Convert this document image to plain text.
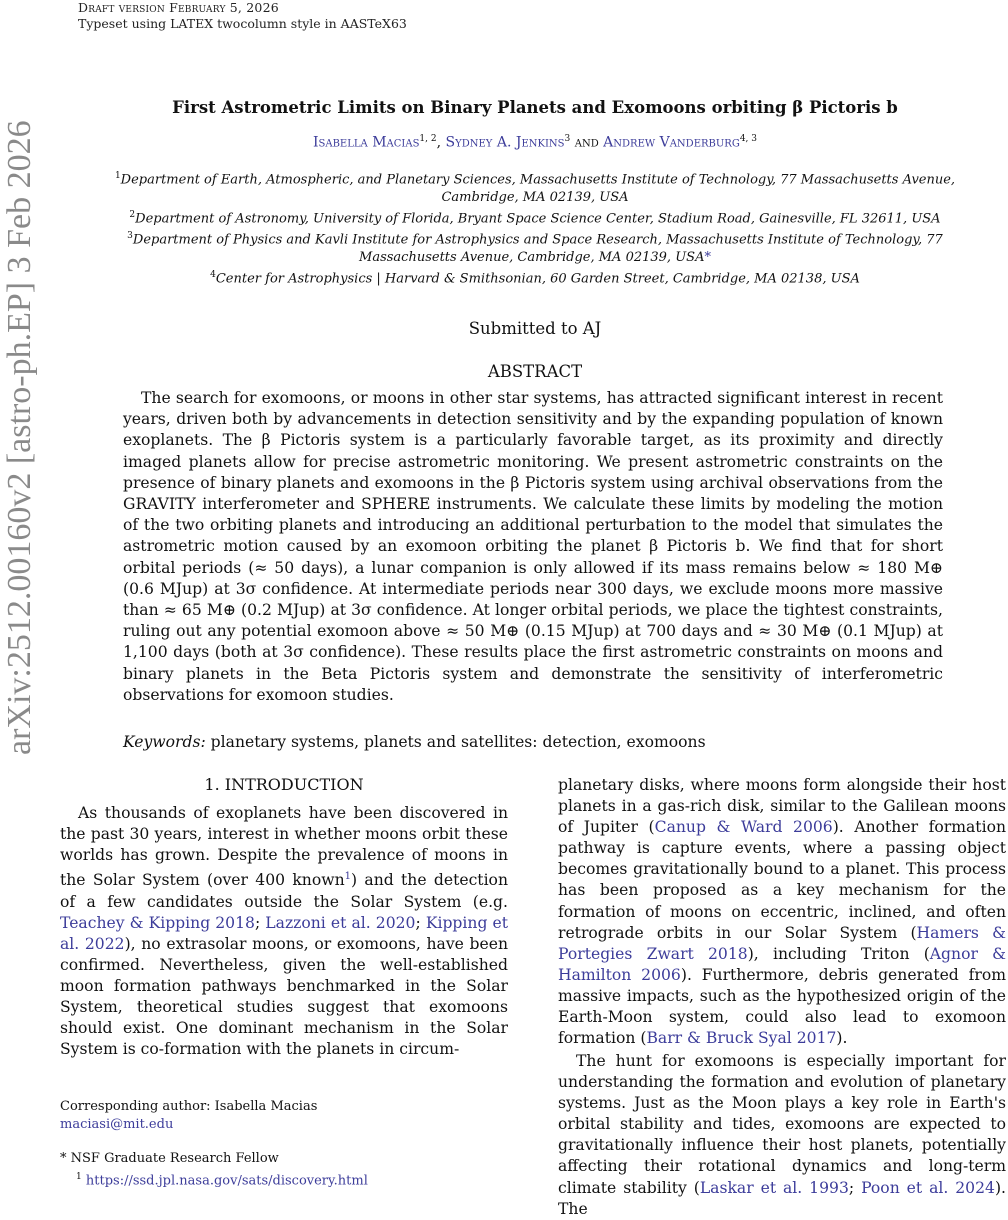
Draft version February 5, 2026
Typeset using LATEX twocolumn style in AASTeX63
arXiv:2512.00160v2 [astro-ph.EP] 3 Feb 2026
First Astrometric Limits on Binary Planets and Exomoons orbiting β Pictoris b
Isabella Macias$^{1, 2}$, Sydney A. Jenkins$^3$ and Andrew Vanderburg$^{4, 3}$
$^1$Department of Earth, Atmospheric, and Planetary Sciences, Massachusetts Institute of Technology, 77 Massachusetts Avenue, Cambridge, MA 02139, USA
$^2$Department of Astronomy, University of Florida, Bryant Space Science Center, Stadium Road, Gainesville, FL 32611, USA
$^3$Department of Physics and Kavli Institute for Astrophysics and Space Research, Massachusetts Institute of Technology, 77 Massachusetts Avenue, Cambridge, MA 02139, USA*
$^4$Center for Astrophysics | Harvard & Smithsonian, 60 Garden Street, Cambridge, MA 02138, USA
Submitted to AJ
ABSTRACT
The search for exomoons, or moons in other star systems, has attracted significant interest in recent years, driven both by advancements in detection sensitivity and by the expanding population of known exoplanets. The β Pictoris system is a particularly favorable target, as its proximity and directly imaged planets allow for precise astrometric monitoring. We present astrometric constraints on the presence of binary planets and exomoons in the β Pictoris system using archival observations from the GRAVITY interferometer and SPHERE instruments. We calculate these limits by modeling the motion of the two orbiting planets and introducing an additional perturbation to the model that simulates the astrometric motion caused by an exomoon orbiting the planet β Pictoris b. We find that for short orbital periods (≈ 50 days), a lunar companion is only allowed if its mass remains below ≈ 180 M⊕ (0.6 MJup) at 3σ confidence. At intermediate periods near 300 days, we exclude moons more massive than ≈ 65 M⊕ (0.2 MJup) at 3σ confidence. At longer orbital periods, we place the tightest constraints, ruling out any potential exomoon above ≈ 50 M⊕ (0.15 MJup) at 700 days and ≈ 30 M⊕ (0.1 MJup) at 1,100 days (both at 3σ confidence). These results place the first astrometric constraints on moons and binary planets in the Beta Pictoris system and demonstrate the sensitivity of interferometric observations for exomoon studies.
Keywords: planetary systems, planets and satellites: detection, exomoons
1. INTRODUCTION
As thousands of exoplanets have been discovered in the past 30 years, interest in whether moons orbit these worlds has grown. Despite the prevalence of moons in the Solar System (over 400 known$^1$) and the detection of a few candidates outside the Solar System (e.g. Teachey & Kipping 2018; Lazzoni et al. 2020; Kipping et al. 2022), no extrasolar moons, or exomoons, have been confirmed. Nevertheless, given the well-established moon formation pathways benchmarked in the Solar System, theoretical studies suggest that exomoons should exist. One dominant mechanism in the Solar System is co-formation with the planets in circum-
Corresponding author: Isabella Macias
maciasi@mit.edu
* NSF Graduate Research Fellow
$^1$ https://ssd.jpl.nasa.gov/sats/discovery.html
planetary disks, where moons form alongside their host planets in a gas-rich disk, similar to the Galilean moons of Jupiter (Canup & Ward 2006). Another formation pathway is capture events, where a passing object becomes gravitationally bound to a planet. This process has been proposed as a key mechanism for the formation of moons on eccentric, inclined, and often retrograde orbits in our Solar System (Hamers & Portegies Zwart 2018), including Triton (Agnor & Hamilton 2006). Furthermore, debris generated from massive impacts, such as the hypothesized origin of the Earth-Moon system, could also lead to exomoon formation (Barr & Bruck Syal 2017).
The hunt for exomoons is especially important for understanding the formation and evolution of planetary systems. Just as the Moon plays a key role in Earth's orbital stability and tides, exomoons are expected to gravitationally influence their host planets, potentially affecting their rotational dynamics and long-term climate stability (Laskar et al. 1993; Poon et al. 2024). The
